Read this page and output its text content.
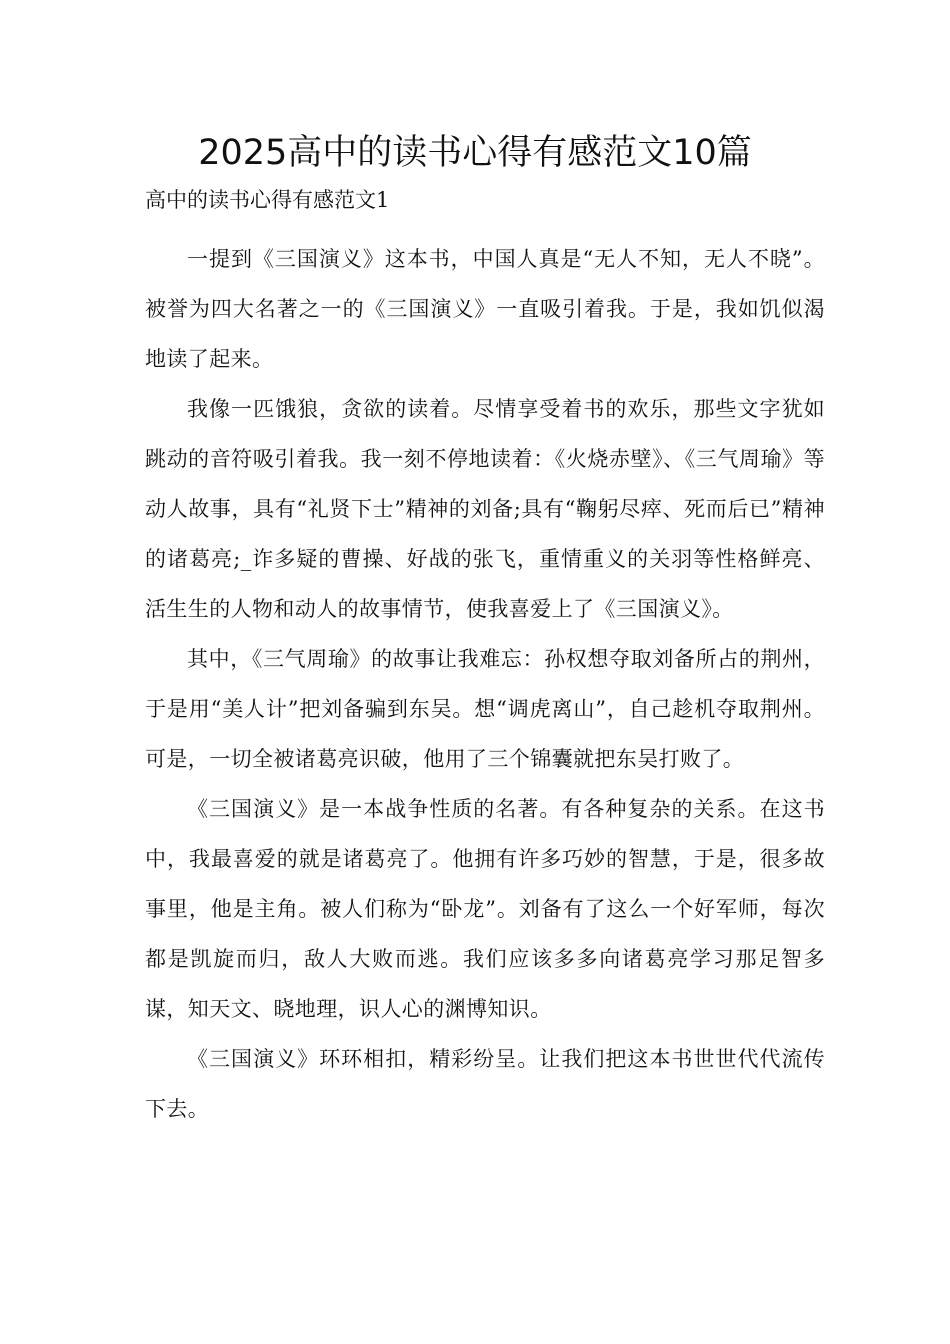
2025高中的读书心得有感范文10篇
高中的读书心得有感范文1

一提到《三国演义》这本书，中国人真是“无人不知，无人不晓”。被誉为四大名著之一的《三国演义》一直吸引着我。于是，我如饥似渴地读了起来。

我像一匹饿狼，贪欲的读着。尽情享受着书的欢乐，那些文字犹如跳动的音符吸引着我。我一刻不停地读着：《火烧赤壁》、《三气周瑜》等动人故事，具有“礼贤下士”精神的刘备;具有“鞠躬尽瘁、死而后已”精神的诸葛亮;_诈多疑的曹操、好战的张飞，重情重义的关羽等性格鲜亮、活生生的人物和动人的故事情节，使我喜爱上了《三国演义》。

其中，《三气周瑜》的故事让我难忘：孙权想夺取刘备所占的荆州，于是用“美人计”把刘备骗到东吴。想“调虎离山”，自己趁机夺取荆州。可是，一切全被诸葛亮识破，他用了三个锦囊就把东吴打败了。

《三国演义》是一本战争性质的名著。有各种复杂的关系。在这书中，我最喜爱的就是诸葛亮了。他拥有许多巧妙的智慧，于是，很多故事里，他是主角。被人们称为“卧龙”。刘备有了这么一个好军师，每次都是凯旋而归，敌人大败而逃。我们应该多多向诸葛亮学习那足智多谋，知天文、晓地理，识人心的渊博知识。

《三国演义》环环相扣，精彩纷呈。让我们把这本书世世代代流传下去。
